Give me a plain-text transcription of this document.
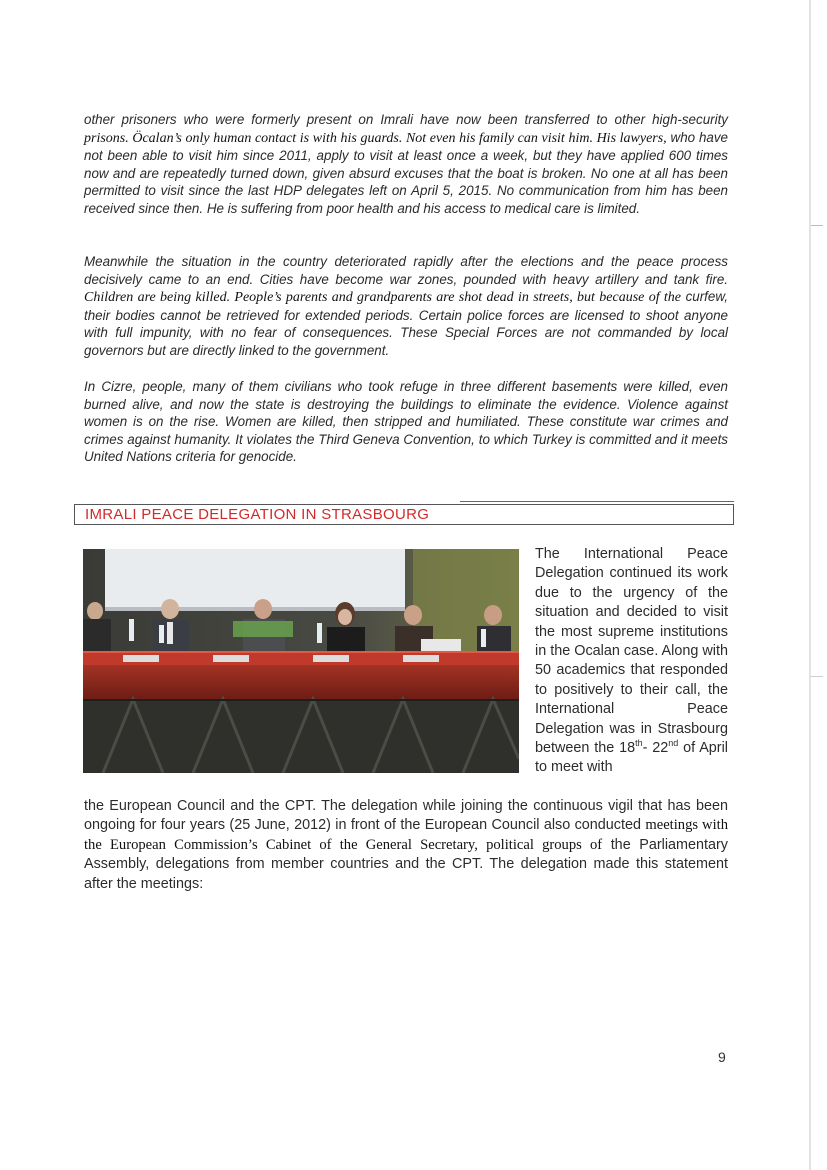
other prisoners who were formerly present on Imrali have now been transferred to other high-security prisons. Öcalan’s only human contact is with his guards. Not even his family can visit him. His lawyers, who have not been able to visit him since 2011, apply to visit at least once a week, but they have applied 600 times now and are repeatedly turned down, given absurd excuses that the boat is broken. No one at all has been permitted to visit since the last HDP delegates left on April 5, 2015. No communication from him has been received since then. He is suffering from poor health and his access to medical care is limited.
Meanwhile the situation in the country deteriorated rapidly after the elections and the peace process decisively came to an end. Cities have become war zones, pounded with heavy artillery and tank fire. Children are being killed. People’s parents and grandparents are shot dead in streets, but because of the curfew, their bodies cannot be retrieved for extended periods. Certain police forces are licensed to shoot anyone with full impunity, with no fear of consequences. These Special Forces are not commanded by local governors but are directly linked to the government.
In Cizre, people, many of them civilians who took refuge in three different basements were killed, even burned alive, and now the state is destroying the buildings to eliminate the evidence. Violence against women is on the rise. Women are killed, then stripped and humiliated. These constitute war crimes and crimes against humanity. It violates the Third Geneva Convention, to which Turkey is committed and it meets United Nations criteria for genocide.
IMRALI PEACE DELEGATION IN STRASBOURG
The International Peace Delegation continued its work due to the urgency of the situation and decided to visit the most supreme institutions in the Ocalan case. Along with 50 academics that responded to positively to their call, the International Peace Delegation was in Strasbourg between the 18th- 22nd of April to meet with
the European Council and the CPT. The delegation while joining the continuous vigil that has been ongoing for four years (25 June, 2012) in front of the European Council also conducted meetings with the European Commission’s Cabinet of the General Secretary, political groups of the Parliamentary Assembly, delegations from member countries and the CPT. The delegation made this statement after the meetings:
9
